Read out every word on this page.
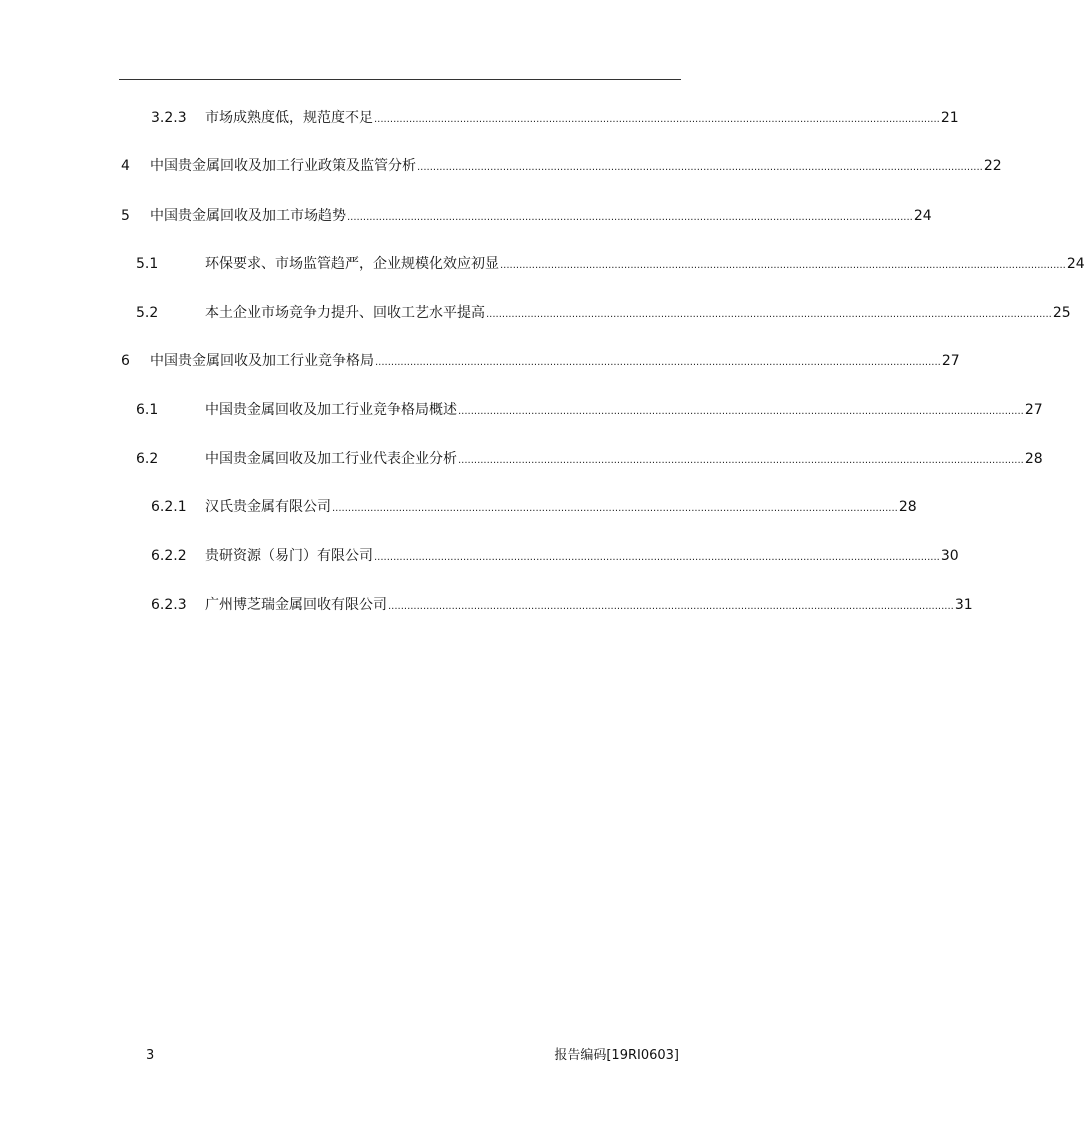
3.2.3 市场成熟度低，规范度不足 .................................................................................................................................................................................. 21
4 中国贵金属回收及加工行业政策及监管分析 .................................................................................................................................................................................. 22
5 中国贵金属回收及加工市场趋势 .................................................................................................................................................................................. 24
5.1	环保要求、市场监管趋严，企业规模化效应初显 .................................................................................................................................................................................. 24
5.2	本土企业市场竞争力提升、回收工艺水平提高 .................................................................................................................................................................................. 25
6 中国贵金属回收及加工行业竞争格局 .................................................................................................................................................................................. 27
6.1	中国贵金属回收及加工行业竞争格局概述 .................................................................................................................................................................................. 27
6.2	中国贵金属回收及加工行业代表企业分析 .................................................................................................................................................................................. 28
6.2.1 汉氏贵金属有限公司 .................................................................................................................................................................................. 28
6.2.2 贵研资源（易门）有限公司 .................................................................................................................................................................................. 30
6.2.3 广州博芝瑞金属回收有限公司 .................................................................................................................................................................................. 31
3	报告编码[19RI0603]
